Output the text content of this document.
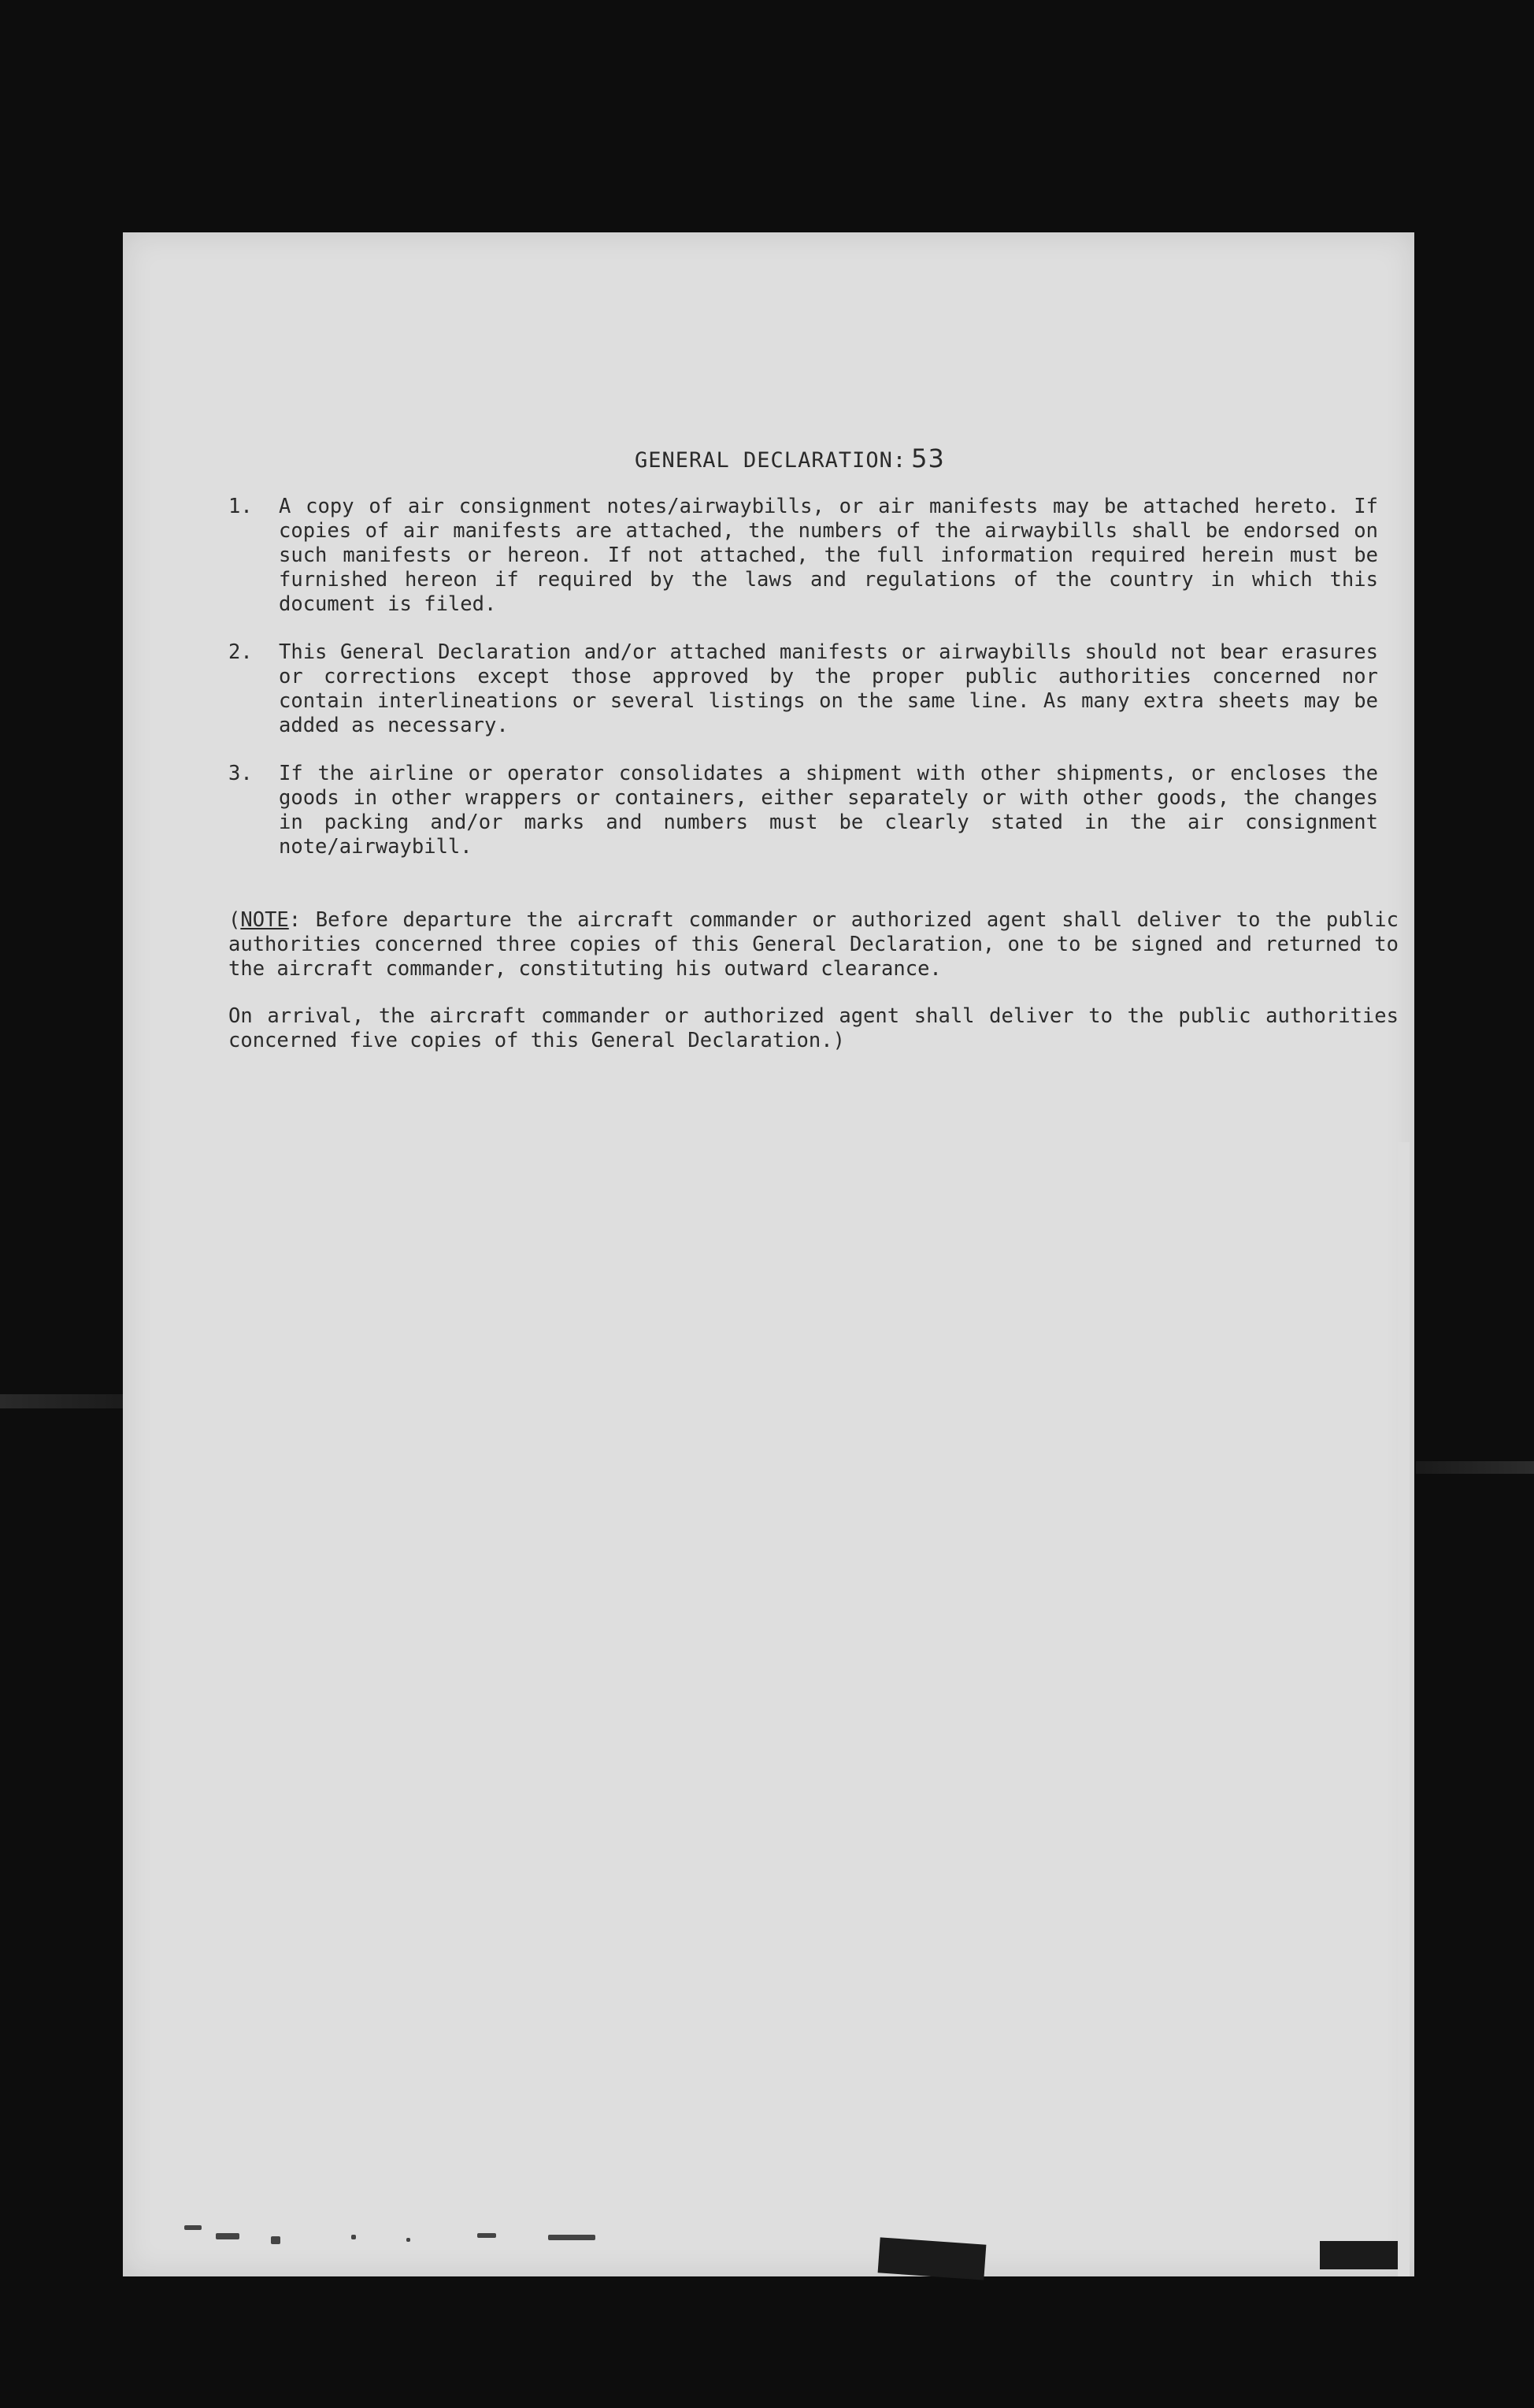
GENERAL DECLARATION: 53
1. A copy of air consignment notes/airwaybills, or air manifests may be attached hereto. If copies of air manifests are attached, the numbers of the airwaybills shall be endorsed on such manifests or hereon. If not attached, the full information required herein must be furnished hereon if required by the laws and regulations of the country in which this document is filed.
2. This General Declaration and/or attached manifests or airwaybills should not bear erasures or corrections except those approved by the proper public authorities concerned nor contain interlineations or several listings on the same line. As many extra sheets may be added as necessary.
3. If the airline or operator consolidates a shipment with other shipments, or encloses the goods in other wrappers or containers, either separately or with other goods, the changes in packing and/or marks and numbers must be clearly stated in the air consignment note/airwaybill.
(NOTE: Before departure the aircraft commander or authorized agent shall deliver to the public authorities concerned three copies of this General Declaration, one to be signed and returned to the aircraft commander, constituting his outward clearance.
On arrival, the aircraft commander or authorized agent shall deliver to the public authorities concerned five copies of this General Declaration.)
